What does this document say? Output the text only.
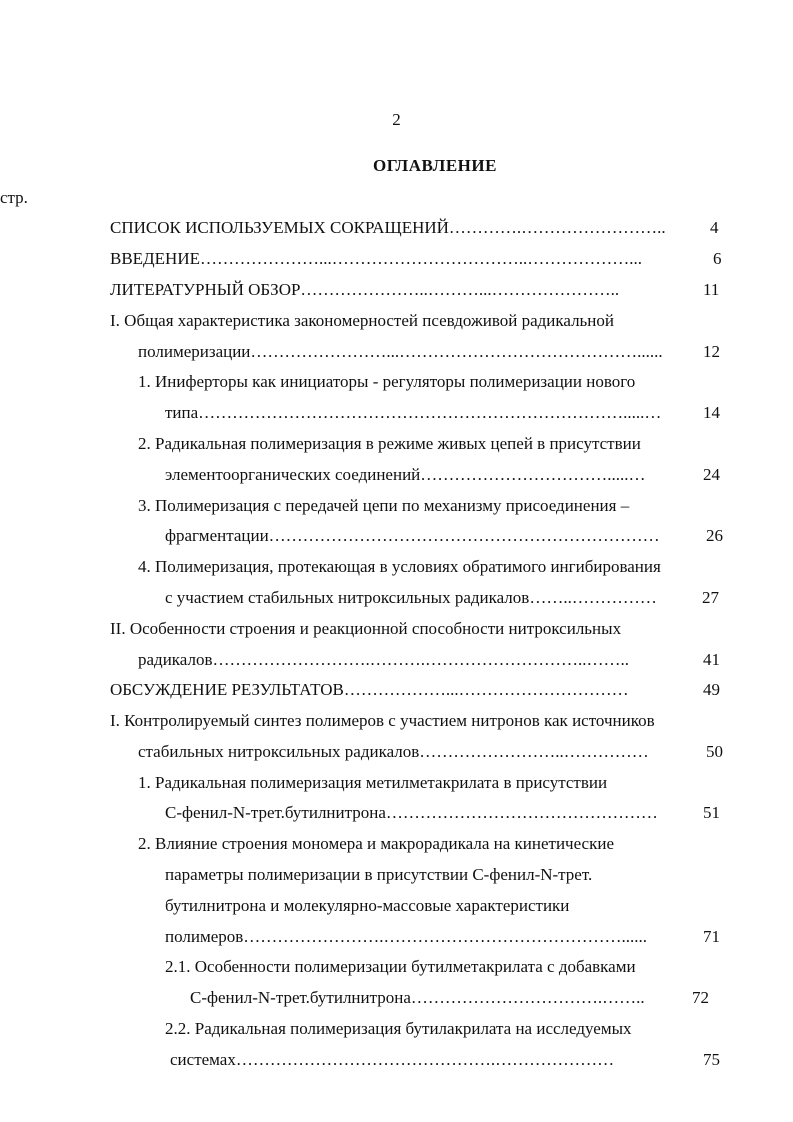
2
ОГЛАВЛЕНИЕ
стр.
СПИСОК ИСПОЛЬЗУЕМЫХ СОКРАЩЕНИЙ………….……………………..	4
ВВЕДЕНИЕ…………………...……………………………..………………...	6
ЛИТЕРАТУРНЫЙ ОБЗОР…………………..………...…………………..	11
I. Общая характеристика закономерностей псевдоживой радикальной
полимеризации……………………...……………………………………...... 12
1. Иниферторы как инициаторы - регуляторы полимеризации нового
типа………………………………………………………………….....… 14
2. Радикальная полимеризация в режиме живых цепей в присутствии
элементоорганических соединений…………………………….....…	24
3. Полимеризация с передачей цепи по механизму присоединения –
фрагментации……………………………………………………………	26
4. Полимеризация, протекающая в условиях обратимого ингибирования
с участием стабильных нитроксильных радикалов……..……………	27
II. Особенности строения и реакционной способности нитроксильных
радикалов……………………….……….………………………..……..	41
ОБСУЖДЕНИЕ РЕЗУЛЬТАТОВ………………...…………………………	49
I. Контролируемый синтез полимеров с участием нитронов как источников
стабильных нитроксильных радикалов……………………..……………	50
1. Радикальная полимеризация метилметакрилата в присутствии
С-фенил-N-трет.бутилнитрона…………………………………………	51
2. Влияние строения мономера и макрорадикала на кинетические
параметры полимеризации в присутствии С-фенил-N-трет.
бутилнитрона и молекулярно-массовые характеристики
полимеров…………………….……………………………………......	71
2.1. Особенности полимеризации бутилметакрилата с добавками
С-фенил-N-трет.бутилнитрона…………………………….……..	72
2.2. Радикальная полимеризация бутилакрилата на исследуемых
системах……………………………………….…………………	75
